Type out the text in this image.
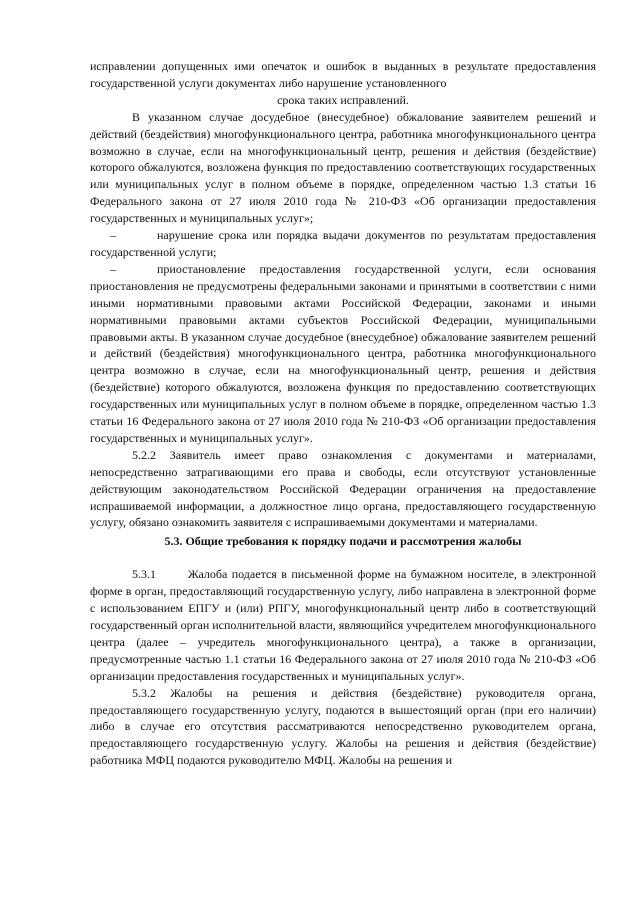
исправлении допущенных ими опечаток и ошибок в выданных в результате предоставления государственной услуги документах либо нарушение установленного

срока таких исправлений.

В указанном случае досудебное (внесудебное) обжалование заявителем решений и действий (бездействия) многофункционального центра, работника многофункционального центра возможно в случае, если на многофункциональный центр, решения и действия (бездействие) которого обжалуются, возложена функция по предоставлению соответствующих государственных или муниципальных услуг в полном объеме в порядке, определенном частью 1.3 статьи 16 Федерального закона от 27 июля 2010 года № 210-ФЗ «Об организации предоставления государственных и муниципальных услуг»;

–	нарушение срока или порядка выдачи документов по результатам предоставления государственной услуги;

–	приостановление предоставления государственной услуги, если основания приостановления не предусмотрены федеральными законами и принятыми в соответствии с ними иными нормативными правовыми актами Российской Федерации, законами и иными нормативными правовыми актами субъектов Российской Федерации, муниципальными правовыми акты. В указанном случае досудебное (внесудебное) обжалование заявителем решений и действий (бездействия) многофункционального центра, работника многофункционального центра возможно в случае, если на многофункциональный центр, решения и действия (бездействие) которого обжалуются, возложена функция по предоставлению соответствующих государственных или муниципальных услуг в полном объеме в порядке, определенном частью 1.3 статьи 16 Федерального закона от 27 июля 2010 года № 210-ФЗ «Об организации предоставления государственных и муниципальных услуг».

5.2.2 Заявитель имеет право ознакомления с документами и материалами, непосредственно затрагивающими его права и свободы, если отсутствуют установленные действующим законодательством Российской Федерации ограничения на предоставление испрашиваемой информации, а должностное лицо органа, предоставляющего государственную услугу, обязано ознакомить заявителя с испрашиваемыми документами и материалами.

5.3. Общие требования к порядку подачи и рассмотрения жалобы

5.3.1	Жалоба подается в письменной форме на бумажном носителе, в электронной форме в орган, предоставляющий государственную услугу, либо направлена в электронной форме с использованием ЕПГУ и (или) РПГУ, многофункциональный центр либо в соответствующий государственный орган исполнительной власти, являющийся учредителем многофункционального центра (далее – учредитель многофункционального центра), а также в организации, предусмотренные частью 1.1 статьи 16 Федерального закона от 27 июля 2010 года № 210-ФЗ «Об организации предоставления государственных и муниципальных услуг».

5.3.2 Жалобы на решения и действия (бездействие) руководителя органа, предоставляющего государственную услугу, подаются в вышестоящий орган (при его наличии) либо в случае его отсутствия рассматриваются непосредственно руководителем органа, предоставляющего государственную услугу. Жалобы на решения и действия (бездействие) работника МФЦ подаются руководителю МФЦ. Жалобы на решения и
